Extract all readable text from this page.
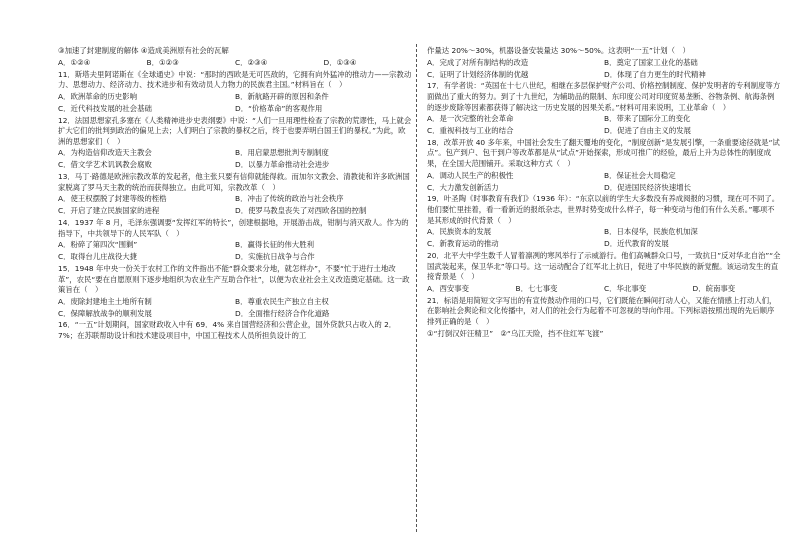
③加速了封建制度的解体 ④造成美洲原有社会的瓦解

A．①②④	B．①②③	C．②③④	D．①③④

11．斯塔夫里阿诺斯在《全球通史》中说：“那时的西欧是无可匹敌的，它拥有向外猛冲的推动力——宗教动力、思想动力、经济动力、技术进步和有效动员人力物力的民族君主国。”材料旨在（　）

A．欧洲革命的历史影响	B．新航路开辟的原因和条件
C．近代科技发展的社会基础	D．“价格革命”的客观作用

12．法国思想家孔多塞在《人类精神进步史表纲要》中说：“人们一旦用理性检查了宗教的荒谬性，马上就会扩大它们的批判到政治的偏见上去；人们明白了宗教的暴权之后，终于也要弄明白国王们的暴权。”为此，欧洲的思想家们（　）

A．为构造信仰改造天主教会	B．用启蒙思想批判专制制度
C．借文学艺术讥讽教会腐败	D．以暴力革命推动社会进步

13．马丁·路德是欧洲宗教改革的发起者，他主张只要有信仰就能得救。而加尔文教会、清教徒和许多欧洲国家脱离了罗马天主教的统治而获得独立。由此可知，宗教改革（　）

A．使王权摆脱了封建等级的桎梏	B．冲击了传统的政治与社会秩序
C．开启了建立民族国家的进程	D．使罗马教皇丧失了对西欧各国的控制

14．1937 年 8 月，毛泽东强调要“发挥红军的特长”，创建根据地，开展游击战，钳制与消灭敌人。作为的指导下，中共领导下的人民军队（　）

A．粉碎了第四次“围剿”	B．赢得长征的伟大胜利
C．取得台儿庄战役大捷	D．实施抗日战争与合作

15．1948 年中央一份关于农村工作的文件指出不能“群众要求分地，就怎样办”，不要“忙于进行土地改革”，农民“要在自愿原则下逐步地组织为农业生产互助合作社”，以便为农业社会主义改造奠定基础。这一政策旨在（　）

A．废除封建地主土地所有制	B．尊重农民生产独立自主权
C．保障解放战争的顺利发展	D．全面推行经济合作化道路

16．“一五”计划期间，国家财政收入中有 69．4% 来自国营经济和公营企业，国外贷款只占收入的 2．7%；在苏联帮助设计和技术建设项目中，中国工程技术人员所担负设计的工

作量达 20%～30%，机器设备安装量达 30%～50%。这表明“一五”计划（　）

A．完成了对所有制结构的改造	B．奠定了国家工业化的基础
C．证明了计划经济体制的优越	D．体现了自力更生的时代精神

17．有学者说：“英国在十七八世纪，相继在多层保护财产公司、价格控制制度、保护发明者的专利制度等方面做出了重大的努力。到了十九世纪，为辅助品的限制、东印度公司对印度贸易垄断、谷物条例、航海条例的逐步废除等因素都获得了解决这一历史发展的因果关系。”材料可用来说明，工业革命（　）

A．是一次完整的社会革命	B．带来了国际分工的变化
C．重视科技与工业的结合	D．促进了自由主义的发展

18．改革开放 40 多年来，中国社会发生了翻天覆地的变化，“制度创新”是发展引擎，一条重要途径就是“试点”。包产到户、包干到户等改革都是从“试点”开始探索，形成可推广的经验，最后上升为总体性的制度成果，在全国大范围铺开。采取这种方式（　）

A．调动人民生产的积极性	B．保证社会大局稳定
C．大力激发创新活力	D．促进国民经济快速增长

19．叶圣陶《时事教育有我们》（1936 年）：“东京以前的学生大多数没有养成阅报的习惯，现在可不同了。他们要忙里挂着，看一看新近的报纸杂志，世界时势变成什么样子，每一种变动与他们有什么关系。”哪项不是其形成的时代背景（　）

A．民族资本的发展	B．日本侵华，民族危机加深
C．新教育运动的推动	D．近代教育的发展

20．北平大中学生数千人冒着凛冽的寒风举行了示威游行。他们高喊群众口号，一致抗日”反对华北自治”“全国武装起来，保卫华北”等口号。这一运动配合了红军北上抗日，促进了中华民族的新觉醒。该运动发生的直接背景是（　）

A．西安事变	B．七七事变	C．华北事变	D．皖南事变

21．标语是用简短文字写出的有宣传鼓动作用的口号，它们既能在瞬间打动人心，又能在情感上打动人们，在影响社会舆论和文化传播中，对人们的社会行为起着不可忽视的导向作用。下列标语按照出现的先后顺序排列正确的是（　）

①“打倒汉奸汪精卫”　②“乌江天险，挡不住红军飞渡”
